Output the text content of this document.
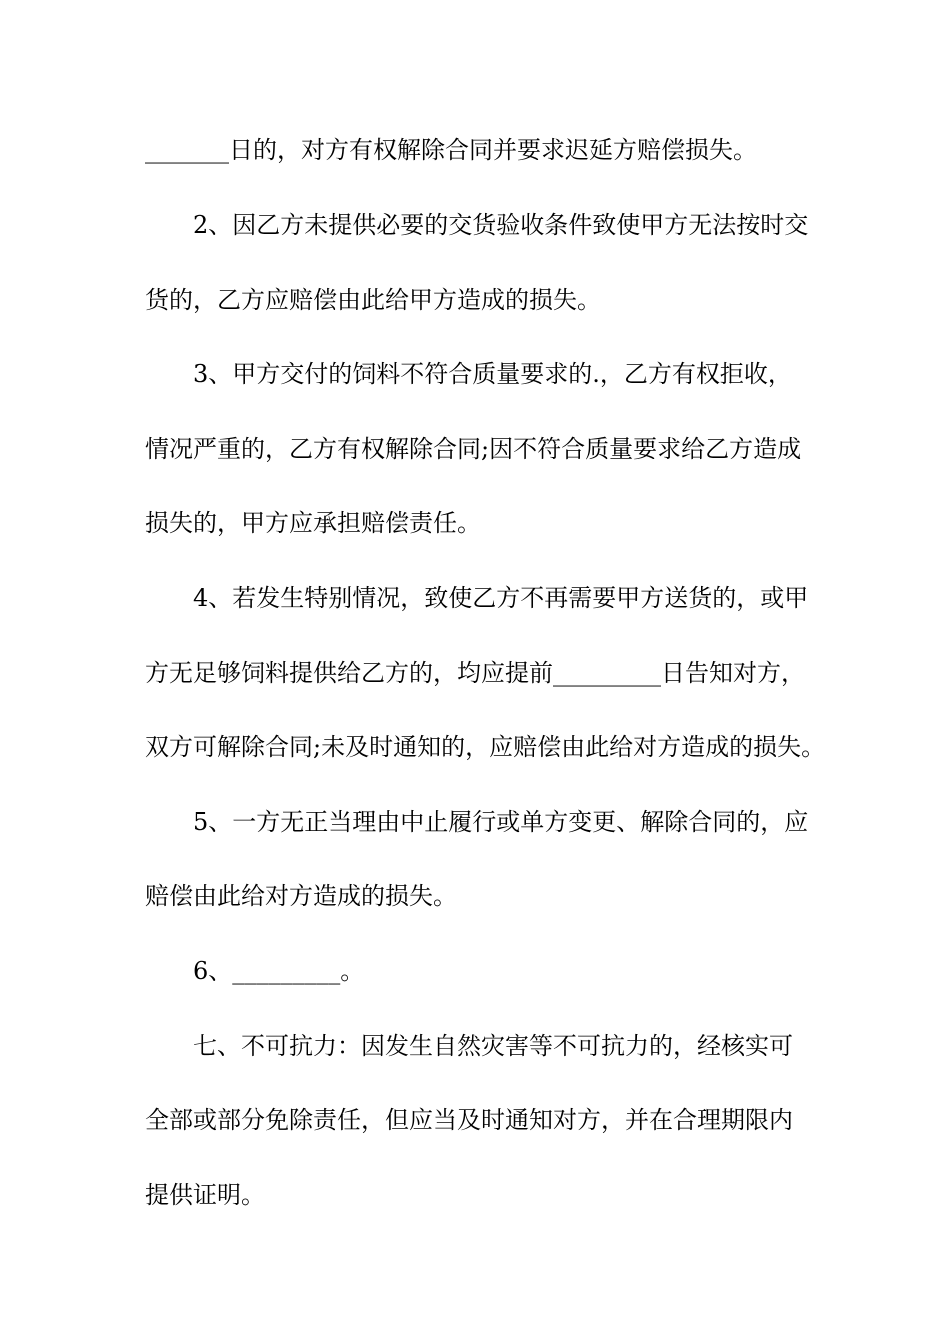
_______日的，对方有权解除合同并要求迟延方赔偿损失。
2、因乙方未提供必要的交货验收条件致使甲方无法按时交
货的，乙方应赔偿由此给甲方造成的损失。
3、甲方交付的饲料不符合质量要求的.，乙方有权拒收，
情况严重的，乙方有权解除合同;因不符合质量要求给乙方造成
损失的，甲方应承担赔偿责任。
4、若发生特别情况，致使乙方不再需要甲方送货的，或甲
方无足够饲料提供给乙方的，均应提前_________日告知对方，
双方可解除合同;未及时通知的，应赔偿由此给对方造成的损失。
5、一方无正当理由中止履行或单方变更、解除合同的，应
赔偿由此给对方造成的损失。
6、_________。
七、不可抗力：因发生自然灾害等不可抗力的，经核实可
全部或部分免除责任，但应当及时通知对方，并在合理期限内
提供证明。
